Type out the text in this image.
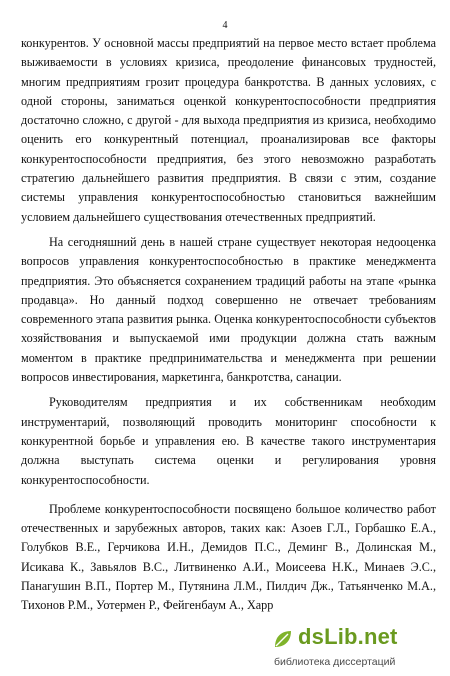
4

конкурентов. У основной массы предприятий на первое место встает проблема выживаемости в условиях кризиса, преодоление финансовых трудностей, многим предприятиям грозит процедура банкротства. В данных условиях, с одной стороны, заниматься оценкой конкурентоспособности предприятия достаточно сложно, с другой - для выхода предприятия из кризиса, необходимо оценить его конкурентный потенциал, проанализировав все факторы конкурентоспособности предприятия, без этого невозможно разработать стратегию дальнейшего развития предприятия. В связи с этим, создание системы управления конкурентоспособностью становиться важнейшим условием дальнейшего существования отечественных предприятий.

На сегодняшний день в нашей стране существует некоторая недооценка вопросов управления конкурентоспособностью в практике менеджмента предприятия. Это объясняется сохранением традиций работы на этапе «рынка продавца». Но данный подход совершенно не отвечает требованиям современного этапа развития рынка. Оценка конкурентоспособности субъектов хозяйствования и выпускаемой ими продукции должна стать важным моментом в практике предпринимательства и менеджмента при решении вопросов инвестирования, маркетинга, банкротства, санации.

Руководителям предприятия и их собственникам необходим инструментарий, позволяющий проводить мониторинг способности к конкурентной борьбе и управления ею. В качестве такого инструментария должна выступать система оценки и регулирования уровня конкурентоспособности.

Проблеме конкурентоспособности посвящено большое количество работ отечественных и зарубежных авторов, таких как: Азоев Г.Л., Горбашко Е.А., Голубков В.Е., Герчикова И.Н., Демидов П.С., Деминг В., Долинская М., Исикава К., Завьялов В.С., Литвиненко А.И., Моисеева Н.К., Минаев Э.С., Панагушин В.П., Портер М., Путянина Л.М., Пилдич Дж., Татьянченко М.А., Тихонов Р.М., Уотермен Р., Фейгенбаум А., Харр

dsLib.net
библиотека диссертаций
